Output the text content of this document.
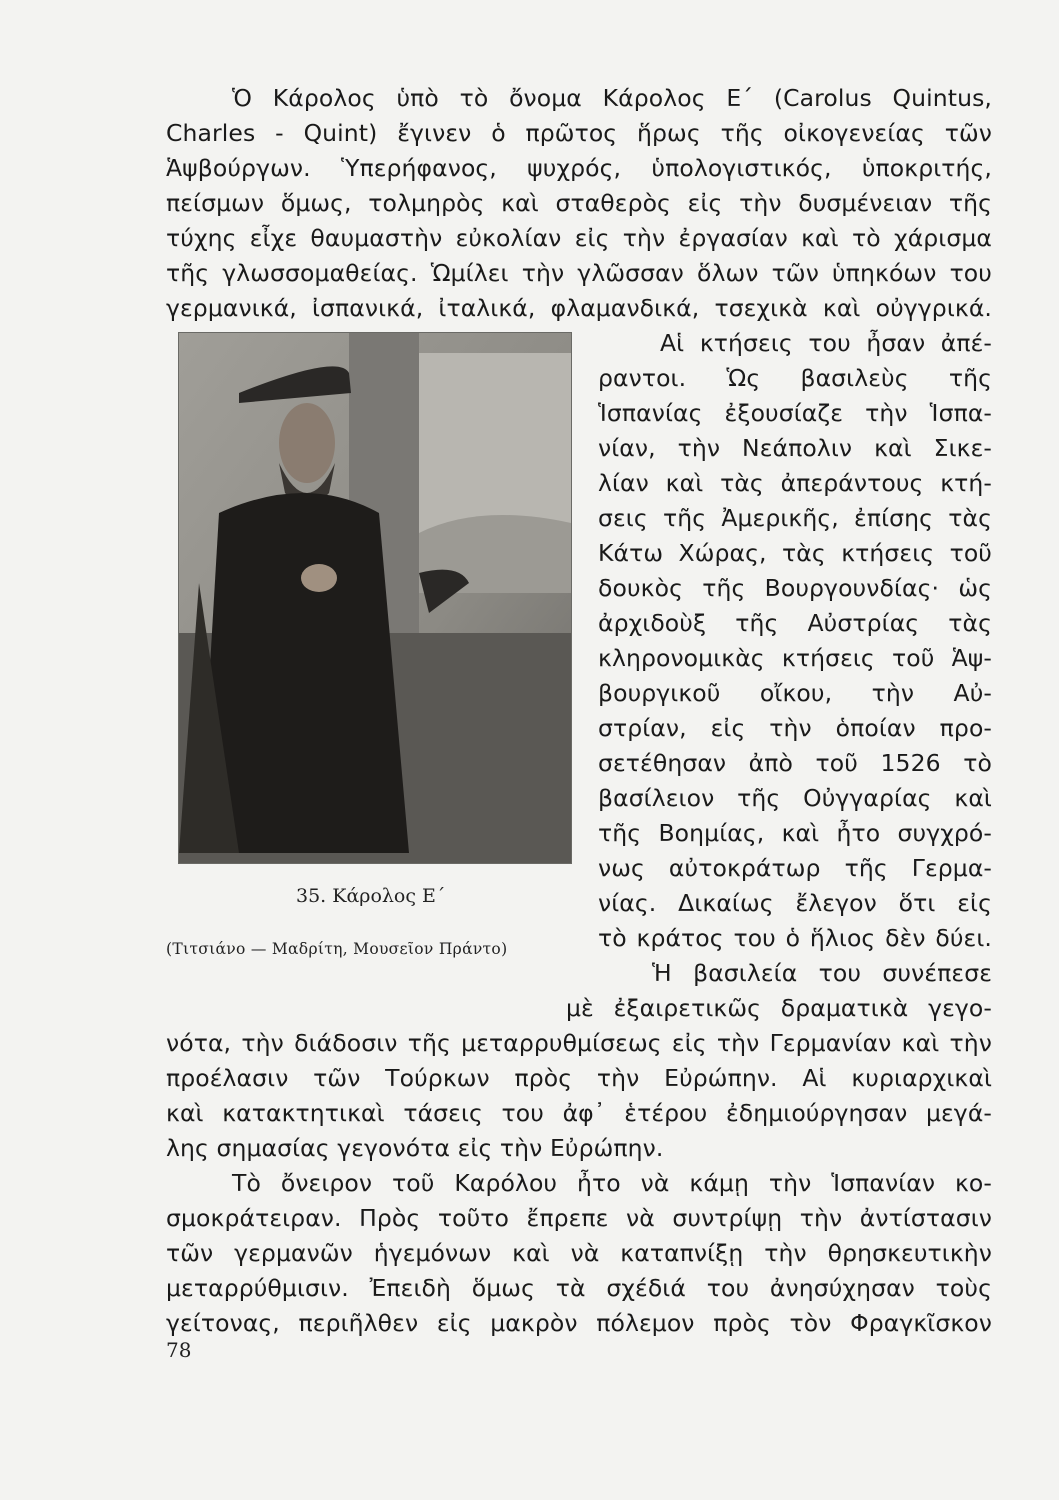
Ὁ Κάρολος ὑπὸ τὸ ὄνομα Κάρολος Ε΄ (Carolus Quintus,
Charles - Quint) ἔγινεν ὁ πρῶτος ἥρως τῆς οἰκογενείας τῶν
Ἁψβούργων. Ὑπερήφανος, ψυχρός, ὑπολογιστικός, ὑποκριτής,
πείσμων ὅμως, τολμηρὸς καὶ σταθερὸς εἰς τὴν δυσμένειαν τῆς
τύχης εἶχε θαυμαστὴν εὐκολίαν εἰς τὴν ἐργασίαν καὶ τὸ χάρισμα
τῆς γλωσσομαθείας. Ὡμίλει τὴν γλῶσσαν ὅλων τῶν ὑπηκόων του
γερμανικά, ἰσπανικά, ἰταλικά, φλαμανδικά, τσεχικὰ καὶ οὐγγρικά.
Αἱ κτήσεις του ἦσαν ἀπέ-
ραντοι. Ὡς βασιλεὺς τῆς
Ἱσπανίας ἐξουσίαζε τὴν Ἱσπα-
νίαν, τὴν Νεάπολιν καὶ Σικε-
λίαν καὶ τὰς ἀπεράντους κτή-
σεις τῆς Ἀμερικῆς, ἐπίσης τὰς
Κάτω Χώρας, τὰς κτήσεις τοῦ
δουκὸς τῆς Βουργουνδίας· ὡς
ἀρχιδοὺξ τῆς Αὐστρίας τὰς
κληρονομικὰς κτήσεις τοῦ Ἁψ-
βουργικοῦ οἴκου, τὴν Αὐ-
στρίαν, εἰς τὴν ὁποίαν προ-
σετέθησαν ἀπὸ τοῦ 1526 τὸ
βασίλειον τῆς Οὐγγαρίας καὶ
τῆς Βοημίας, καὶ ἦτο συγχρό-
νως αὐτοκράτωρ τῆς Γερμα-
νίας. Δικαίως ἔλεγον ὅτι εἰς
τὸ κράτος του ὁ ἥλιος δὲν δύει.
35. Κάρολος Ε΄
(Τιτσιάνο — Μαδρίτη, Μουσεῖον Πράντο)
Ἡ βασιλεία του συνέπεσε
μὲ ἐξαιρετικῶς δραματικὰ γεγο-
νότα, τὴν διάδοσιν τῆς μεταρρυθμίσεως εἰς τὴν Γερμανίαν καὶ τὴν
προέλασιν τῶν Τούρκων πρὸς τὴν Εὐρώπην. Αἱ κυριαρχικαὶ
καὶ κατακτητικαὶ τάσεις του ἀφ᾿ ἑτέρου ἐδημιούργησαν μεγά-
λης σημασίας γεγονότα εἰς τὴν Εὐρώπην.
Τὸ ὄνειρον τοῦ Καρόλου ἦτο νὰ κάμῃ τὴν Ἱσπανίαν κο-
σμοκράτειραν. Πρὸς τοῦτο ἔπρεπε νὰ συντρίψῃ τὴν ἀντίστασιν
τῶν γερμανῶν ἡγεμόνων καὶ νὰ καταπνίξῃ τὴν θρησκευτικὴν
μεταρρύθμισιν. Ἐπειδὴ ὅμως τὰ σχέδιά του ἀνησύχησαν τοὺς
γείτονας, περιῆλθεν εἰς μακρὸν πόλεμον πρὸς τὸν Φραγκῖσκον
78
